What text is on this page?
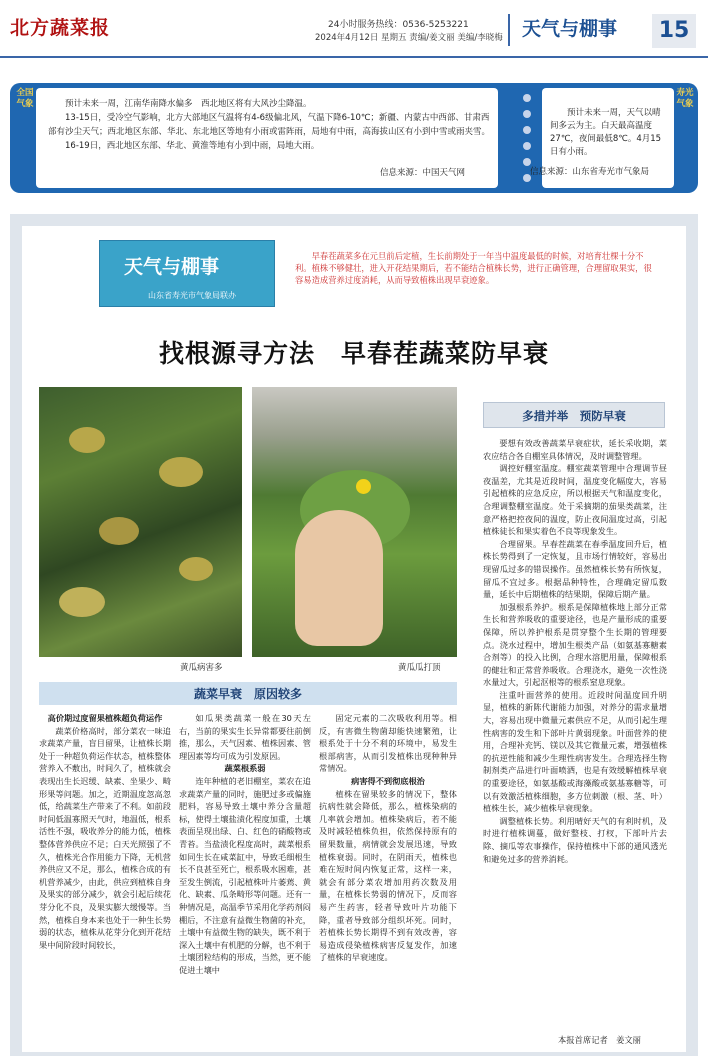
北方蔬菜报	24小时服务热线：0536-5253221
2024年4月12日 星期五 责编/姜文丽 美编/李晓梅 天气与棚事	15
全国气象
寿光气象

预计未来一周，江南华南降水偏多　西北地区将有大风沙尘降温。

13-15日，受冷空气影响，北方大部地区气温将有4-6级偏北风，气温下降6-10℃；新疆、内蒙古中西部、甘肃西部有沙尘天气；西北地区东部、华北、东北地区等地有小雨或雷阵雨，局地有中雨，高海拔山区有小到中雪或雨夹雪。

16-19日，西北地区东部、华北、黄淮等地有小到中雨，局地大雨。

信息来源：中国天气网
预计未来一周，天气以晴间多云为主。白天最高温度27℃，夜间最低8℃。4月15日有小雨。
信息来源：山东省寿光市气象局
天气与棚事
山东省寿光市气象局联办
早春茬蔬菜多在元旦前后定植，生长前期处于一年当中温度最低的时候，对培育壮棵十分不利。植株不够健壮，进入开花结果期后，若不能结合植株长势，进行正确管理，合理留取果实，很容易造成营养过度消耗，从而导致植株出现早衰迹象。
找根源寻方法　早春茬蔬菜防早衰
黄瓜病害多	黄瓜瓜打顶
蔬菜早衰　原因较多
多措并举　预防早衰

高价期过度留果植株超负荷运作

蔬菜价格高时，部分菜农一味追求蔬菜产量，盲目留果，让植株长期处于一种超负荷运作状态，植株整体营养入不敷出，时间久了，植株就会表现出生长迟缓、缺素、坐果少、畸形果等问题。加之，近期温度忽高忽低，给蔬菜生产带来了不利。如前段时间低温寡照天气时，地温低，根系活性不强，吸收养分的能力低，植株整体营养供应不足；白天光照强了不久，植株光合作用能力下降，无机营养供应又不足，那么，植株合成的有机营养减少，由此，供应到植株自身及果实的部分减少，就会引起后续花芽分化不良，及果实膨大缓慢等。当然，植株自身本来也处于一种生长势弱的状态，植株从花芽分化到开花结果中间阶段时间较长，

如瓜果类蔬菜一般在30天左右，当前的果实生长异常都要往前倒推，那么，天气因素、植株因素、管理因素等均可成为引发原因。

蔬菜根系弱

连年种植的老旧棚室，菜农在追求蔬菜产量的同时，施肥过多或偏施肥料，容易导致土壤中养分含量超标，使得土壤盐渍化程度加重，土壤表面呈现出绿、白、红色的硝酸物或青苔。当盐渍化程度高时，蔬菜根系如同生长在咸菜缸中，导致毛细根生长不良甚至死亡，根系吸水困难，甚至发生倒流，引起植株叶片萎蔫、黄化、缺素、瓜条畸形等问题。还有一种情况是，高温季节采用化学药剂闷棚后，不注意有益微生物菌的补充，土壤中有益微生物的缺失，既不利于深入土壤中有机肥的分解，也不利于土壤团粒结构的形成，当然，更不能促进土壤中

固定元素的二次吸收利用等。相反，有害微生物菌却能快速繁殖，让根系处于十分不利的环境中，易发生根部病害，从而引发植株出现种种异常情况。

病害得不到彻底根治

植株在留果较多的情况下，整体抗病性就会降低，那么，植株染病的几率就会增加。植株染病后，若不能及时减轻植株负担，依然保持原有的留果数量，病情就会发展迅速，导致植株衰弱。同时，在阴雨天，植株也难在短时间内恢复正常，这样一来，就会有部分菜农增加用药次数及用量，在植株长势弱的情况下，反而容易产生药害，轻者导致叶片功能下降，重者导致部分组织坏死。同时，若植株长势长期得不到有效改善，容易造成侵染植株病害反复发作，加速了植株的早衰速度。

要想有效改善蔬菜早衰症状，延长采收期，菜农应结合各自棚室具体情况，及时调整管理。

调控好棚室温度。棚室蔬菜管理中合理调节昼夜温差，尤其是近段时间，温度变化幅度大，容易引起植株的应急反应，所以根据天气和温度变化，合理调整棚室温度。处于采摘期的茄果类蔬菜，注意严格把控夜间的温度，防止夜间温度过高，引起植株徒长和果实着色不良等现象发生。

合理留果。早春茬蔬菜在春季温度回升后，植株长势得到了一定恢复，且市场行情较好，容易出现留瓜过多的错误操作。虽然植株长势有所恢复，留瓜不宜过多。根据品种特性，合理确定留瓜数量，延长中后期植株的结果期，保障后期产量。

加强根系养护。根系是保障植株地上部分正常生长和营养吸收的重要途径，也是产量形成的重要保障，所以养护根系是贯穿整个生长期的管理要点。浇水过程中，增加生根类产品（如氨基寡糖素合剂等）的投入比例，合理水溶肥用量，保障根系的健壮和正常营养吸收。合理浇水，避免一次性浇水量过大，引起沤根等的根系窒息现象。

注重叶面营养的使用。近段时间温度回升明显，植株的新陈代谢能力加强，对养分的需求量增大，容易出现中微量元素供应不足，从而引起生理性病害的发生和下部叶片黄弱现象。叶面营养的使用，合理补充钙、镁以及其它微量元素，增强植株的抗逆性能和减少生理性病害发生。合理选择生物制剂类产品进行叶面喷洒，也是有效缓解植株早衰的重要途径，如氨基酸或海藻酸或氨基寡糖等，可以有效激活植株细胞，多方位刺激（根、茎、叶）植株生长，减少植株早衰现象。

调整植株长势。利用晴好天气的有利时机，及时进行植株调蔓，做好整枝、打杈，下部叶片去除、摘瓜等农事操作，保持植株中下部的通风透光和避免过多的营养消耗。

本报首席记者　姜文丽
